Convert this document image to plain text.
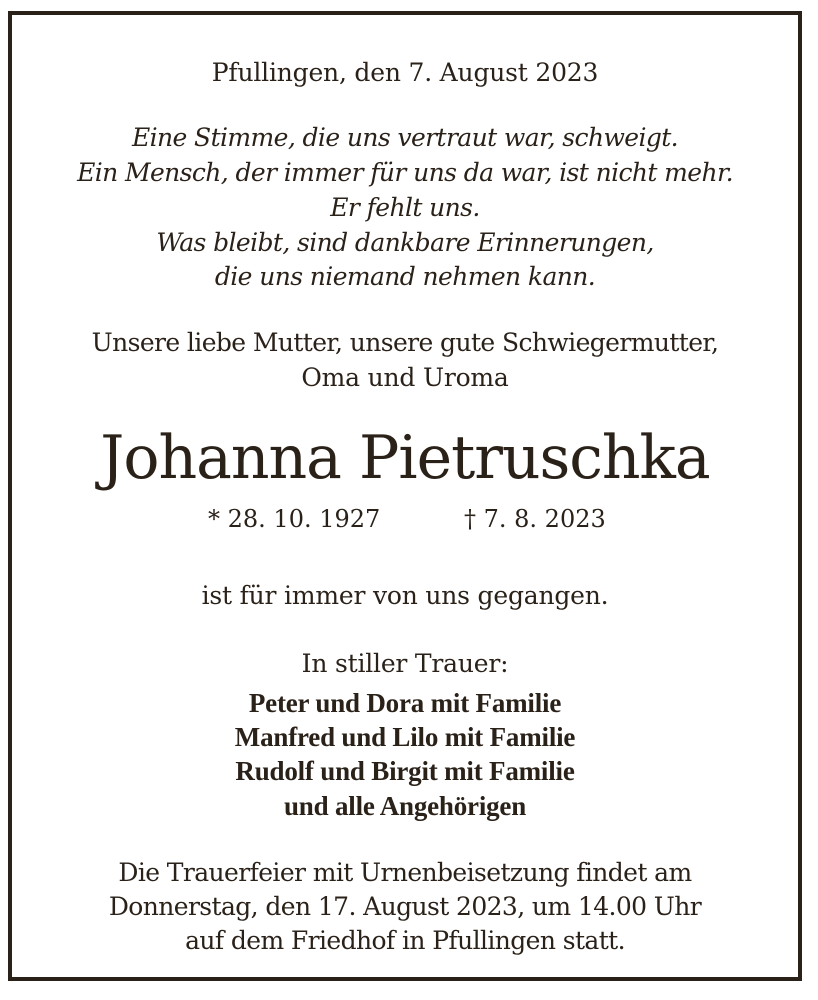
Pfullingen, den 7. August 2023
Eine Stimme, die uns vertraut war, schweigt.
Ein Mensch, der immer für uns da war, ist nicht mehr.
Er fehlt uns.
Was bleibt, sind dankbare Erinnerungen,
die uns niemand nehmen kann.
Unsere liebe Mutter, unsere gute Schwiegermutter,
Oma und Uroma
Johanna Pietruschka
* 28. 10. 1927	† 7. 8. 2023
ist für immer von uns gegangen.
In stiller Trauer:
Peter und Dora mit Familie
Manfred und Lilo mit Familie
Rudolf und Birgit mit Familie
und alle Angehörigen
Die Trauerfeier mit Urnenbeisetzung findet am
Donnerstag, den 17. August 2023, um 14.00 Uhr
auf dem Friedhof in Pfullingen statt.
